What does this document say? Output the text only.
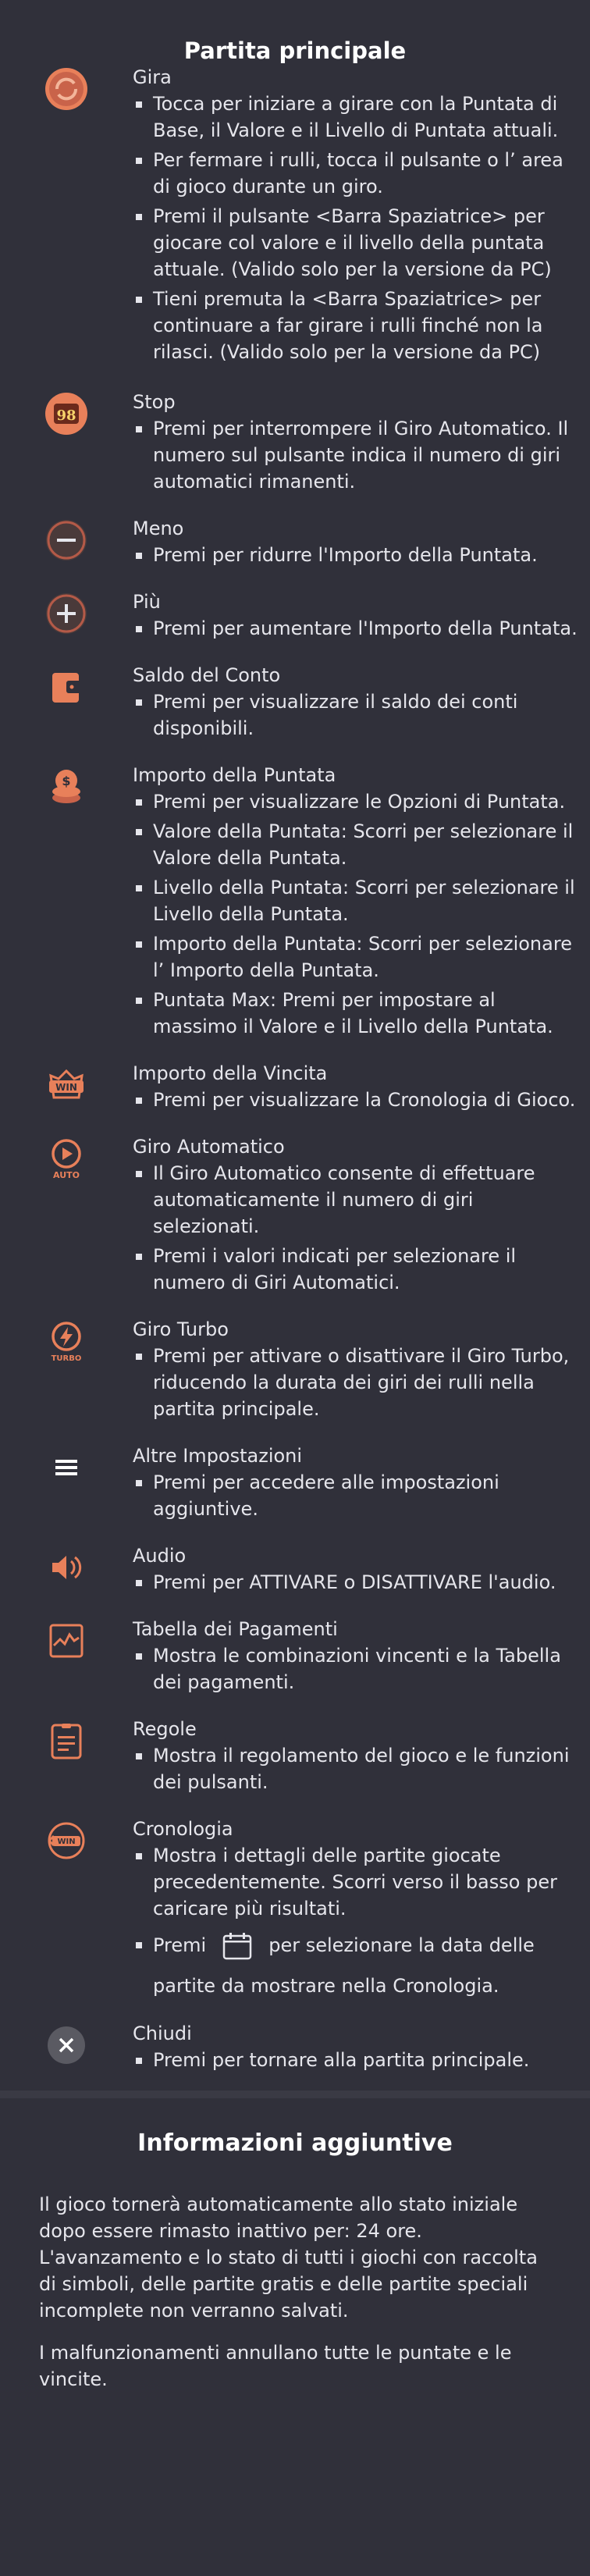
Partita principale
Gira
Tocca per iniziare a girare con la Puntata di Base, il Valore e il Livello di Puntata attuali.
Per fermare i rulli, tocca il pulsante o l’ area di gioco durante un giro.
Premi il pulsante <Barra Spaziatrice> per giocare col valore e il livello della puntata attuale. (Valido solo per la versione da PC)
Tieni premuta la <Barra Spaziatrice> per continuare a far girare i rulli finché non la rilasci. (Valido solo per la versione da PC)
98
Stop
Premi per interrompere il Giro Automatico. Il numero sul pulsante indica il numero di giri automatici rimanenti.
Meno
Premi per ridurre l'Importo della Puntata.
Più
Premi per aumentare l'Importo della Puntata.
Saldo del Conto
Premi per visualizzare il saldo dei conti disponibili.
$	Importo della Puntata
Premi per visualizzare le Opzioni di Puntata.
Valore della Puntata: Scorri per selezionare il Valore della Puntata.
Livello della Puntata: Scorri per selezionare il Livello della Puntata.
Importo della Puntata: Scorri per selezionare l’ Importo della Puntata.
Puntata Max: Premi per impostare al massimo il Valore e il Livello della Puntata.
WIN
Importo della Vincita
Premi per visualizzare la Cronologia di Gioco.
AUTO
Giro Automatico
Il Giro Automatico consente di effettuare automaticamente il numero di giri selezionati.
Premi i valori indicati per selezionare il numero di Giri Automatici.
TURBO
Giro Turbo
Premi per attivare o disattivare il Giro Turbo, riducendo la durata dei giri dei rulli nella partita principale.
Altre Impostazioni
Premi per accedere alle impostazioni aggiuntive.
Audio
Premi per ATTIVARE o DISATTIVARE l'audio.
Tabella dei Pagamenti
Mostra le combinazioni vincenti e la Tabella dei pagamenti.
Regole
Mostra il regolamento del gioco e le funzioni dei pulsanti.
WIN
Cronologia
Mostra i dettagli delle partite giocate precedentemente. Scorri verso il basso per caricare più risultati.
Premi	per selezionare la data delle partite da mostrare nella Cronologia.
Chiudi
Premi per tornare alla partita principale.
Informazioni aggiuntive
Il gioco tornerà automaticamente allo stato iniziale dopo essere rimasto inattivo per: 24 ore. L'avanzamento e lo stato di tutti i giochi con raccolta di simboli, delle partite gratis e delle partite speciali incomplete non verranno salvati.
I malfunzionamenti annullano tutte le puntate e le vincite.
